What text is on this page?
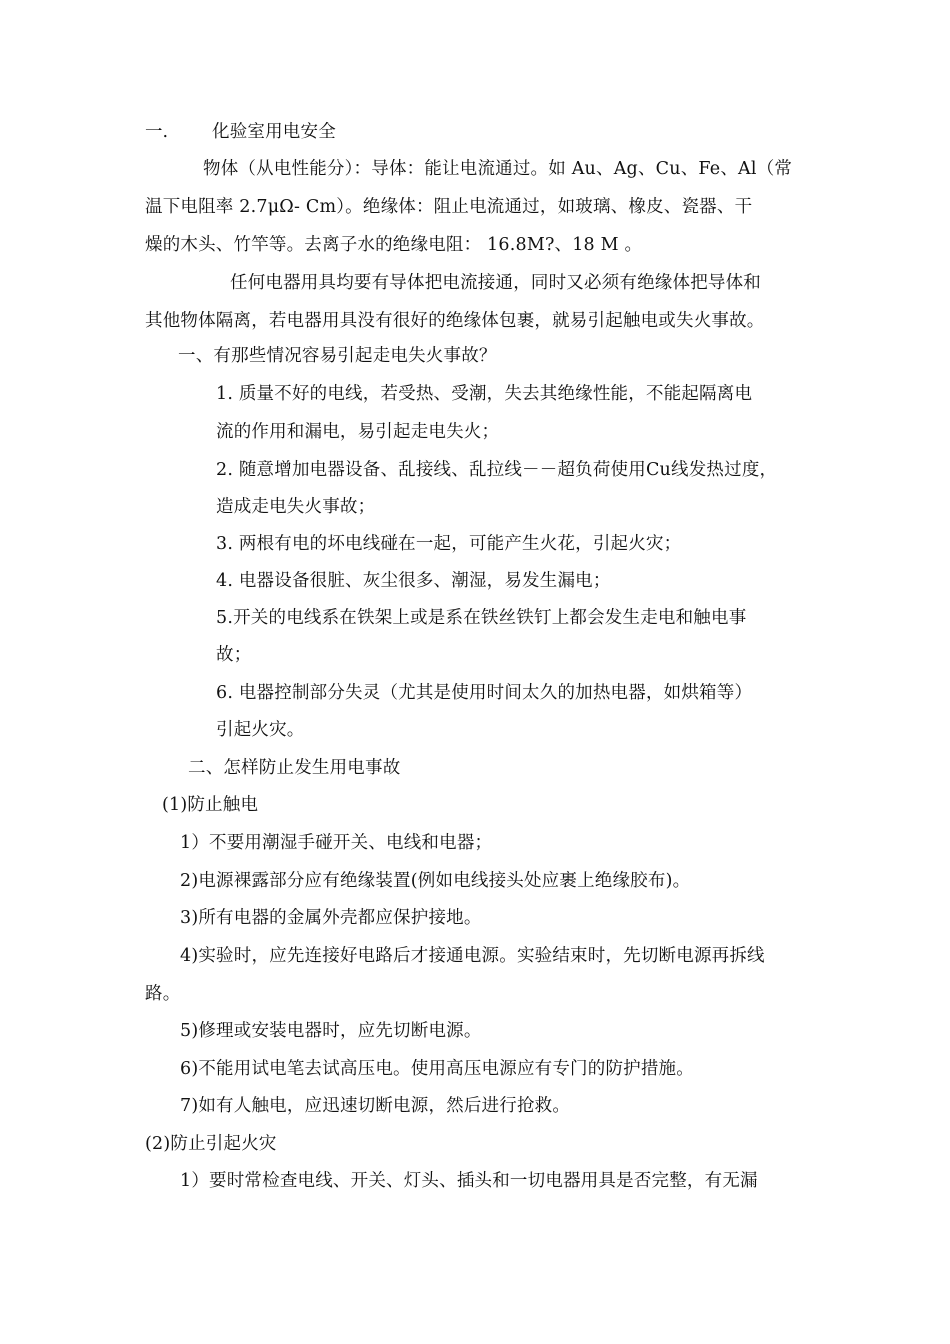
一.	化验室用电安全
物体（从电性能分）：导体：能让电流通过。如 Au、Ag、Cu、Fe、Al（常
温下电阻率 2.7μΩ- Cm）。绝缘体：阻止电流通过，如玻璃、橡皮、瓷器、干
燥的木头、竹竿等。去离子水的绝缘电阻： 16.8M?、18 M 。
任何电器用具均要有导体把电流接通，同时又必须有绝缘体把导体和
其他物体隔离，若电器用具没有很好的绝缘体包裹，就易引起触电或失火事故。
一、有那些情况容易引起走电失火事故？
1. 质量不好的电线，若受热、受潮，失去其绝缘性能，不能起隔离电
流的作用和漏电，易引起走电失火；
2. 随意增加电器设备、乱接线、乱拉线－－超负荷使用Cu线发热过度，
造成走电失火事故；
3. 两根有电的坏电线碰在一起，可能产生火花，引起火灾；
4. 电器设备很脏、灰尘很多、潮湿，易发生漏电；
5.开关的电线系在铁架上或是系在铁丝铁钉上都会发生走电和触电事
故；
6. 电器控制部分失灵（尤其是使用时间太久的加热电器，如烘箱等）
引起火灾。
二、怎样防止发生用电事故
(1)防止触电
1）不要用潮湿手碰开关、电线和电器；
2)电源裸露部分应有绝缘装置(例如电线接头处应裹上绝缘胶布)。
3)所有电器的金属外壳都应保护接地。
4)实验时，应先连接好电路后才接通电源。实验结束时，先切断电源再拆线
路。
5)修理或安装电器时，应先切断电源。
6)不能用试电笔去试高压电。使用高压电源应有专门的防护措施。
7)如有人触电，应迅速切断电源，然后进行抢救。
(2)防止引起火灾
1）要时常检查电线、开关、灯头、插头和一切电器用具是否完整，有无漏
